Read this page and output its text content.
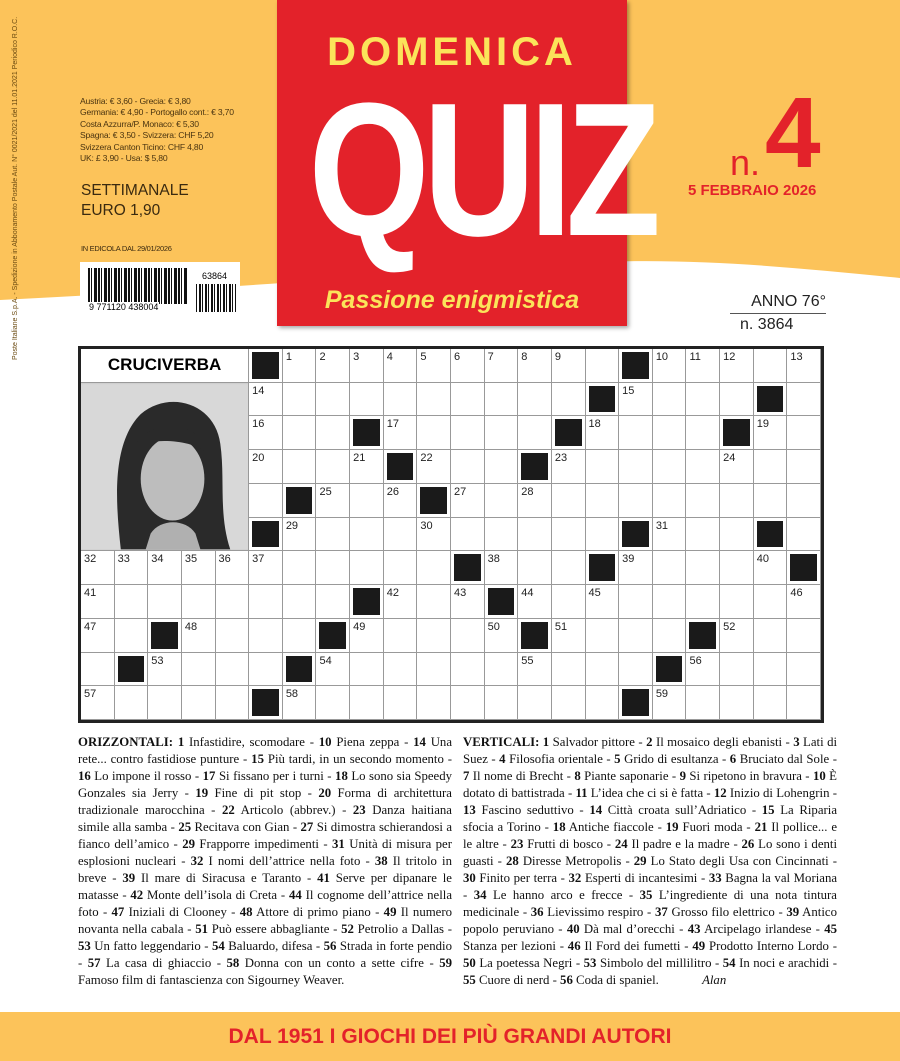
Poste Italiane S.p.A. - Spedizione in Abbonamento Postale Aut. N° 0021/2021 del 11.01.2021 Periodico R.O.C.	Austria: € 3,60 - Grecia: € 3,80
Germania: € 4,90 - Portogallo cont.: € 3,70
Costa Azzurra/P. Monaco: € 5,30
Spagna: € 3,50 - Svizzera: CHF 5,20
Svizzera Canton Ticino: CHF 4,80
UK: £ 3,90 - Usa: $ 5,80
SETTIMANALE
EURO 1,90
IN EDICOLA DAL 29/01/2026
9 771120 438004
63864
DOMENICA
QUIZ
Passione enigmistica
n. 4
5 FEBBRAIO 2026
ANNO 76°
n. 3864
CRUCIVERBA	1	2	3	4	5	6	7	8	9	10	11	12	13
14	15
16	17	18	19
20	21	22	23	24
25	26	27	28
29	30	31
32	33	34	35	36	37	38	39	40
41	42	43	44	45	46
47	48	49	50	51	52
53	54	55	56
57	58	59
ORIZZONTALI: 1 Infastidire, scomodare - 10 Piena zeppa - 14 Una rete... contro fastidiose punture - 15 Più tardi, in un secondo momento - 16 Lo impone il rosso - 17 Si fissano per i turni - 18 Lo sono sia Speedy Gonzales sia Jerry - 19 Fine di pit stop - 20 Forma di architettura tradizionale marocchina - 22 Articolo (abbrev.) - 23 Danza haitiana simile alla samba - 25 Recitava con Gian - 27 Si dimostra schierandosi a fianco dell’amico - 29 Frapporre impedimenti - 31 Unità di misura per esplosioni nucleari - 32 I nomi dell’attrice nella foto - 38 Il tritolo in breve - 39 Il mare di Siracusa e Taranto - 41 Serve per dipanare le matasse - 42 Monte dell’isola di Creta - 44 Il cognome dell’attrice nella foto - 47 Iniziali di Clooney - 48 Attore di primo piano - 49 Il numero novanta nella cabala - 51 Può essere abbagliante - 52 Petrolio a Dallas - 53 Un fatto leggendario - 54 Baluardo, difesa - 56 Strada in forte pendio - 57 La casa di ghiaccio - 58 Donna con un conto a sette cifre - 59 Famoso film di fantascienza con Sigourney Weaver.
VERTICALI: 1 Salvador pittore - 2 Il mosaico degli ebanisti - 3 Lati di Suez - 4 Filosofia orientale - 5 Grido di esultanza - 6 Bruciato dal Sole - 7 Il nome di Brecht - 8 Piante saponarie - 9 Si ripetono in bravura - 10 È dotato di battistrada - 11 L’idea che ci si è fatta - 12 Inizio di Lohengrin - 13 Fascino seduttivo - 14 Città croata sull’Adriatico - 15 La Riparia sfocia a Torino - 18 Antiche fiaccole - 19 Fuori moda - 21 Il pollice... e le altre - 23 Frutti di bosco - 24 Il padre e la madre - 26 Lo sono i denti guasti - 28 Diresse Metropolis - 29 Lo Stato degli Usa con Cincinnati - 30 Finito per terra - 32 Esperti di incantesimi - 33 Bagna la val Moriana - 34 Le hanno arco e frecce - 35 L’ingrediente di una nota tintura medicinale - 36 Lievissimo respiro - 37 Grosso filo elettrico - 39 Antico popolo peruviano - 40 Dà mal d’orecchi - 43 Arcipelago irlandese - 45 Stanza per lezioni - 46 Il Ford dei fumetti - 49 Prodotto Interno Lordo - 50 La poetessa Negri - 53 Simbolo del millilitro - 54 In noci e arachidi - 55 Cuore di nerd - 56 Coda di spaniel.	Alan
DAL 1951 I GIOCHI DEI PIÙ GRANDI AUTORI
